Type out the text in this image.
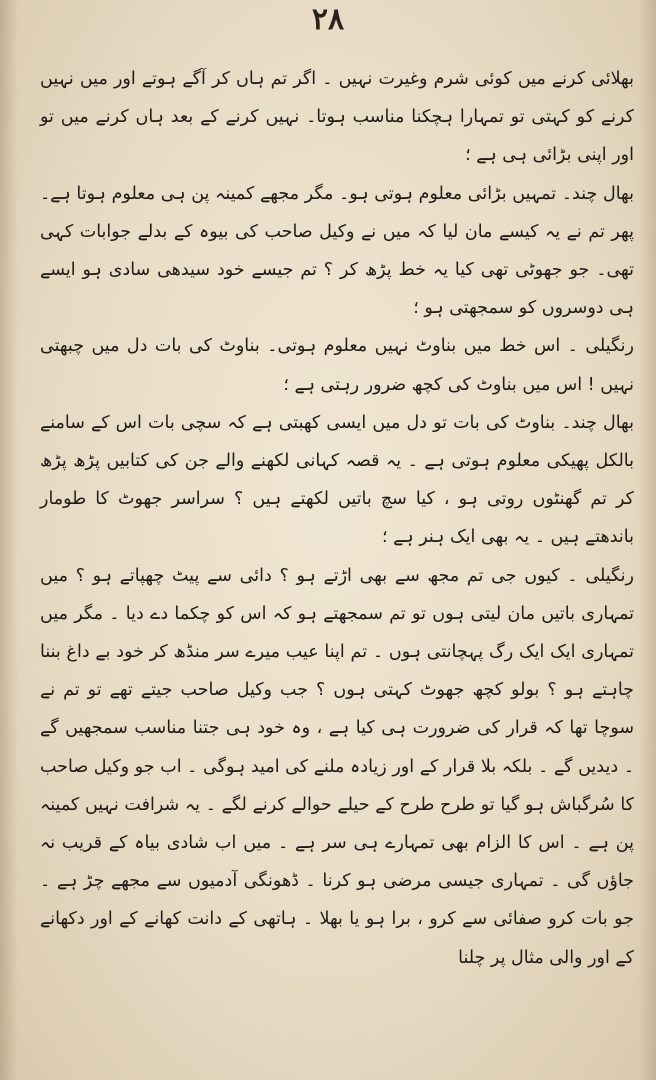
۲۸

بھلائی کرنے میں کوئی شرم وغیرت نہیں ۔ اگر تم ہاں کر آگے ہوتے اور میں نہیں کرنے کو کہتی تو تمہارا ہچکنا مناسب ہوتا۔ نہیں کرنے کے بعد ہاں کرنے میں تو اور اپنی بڑائی ہی ہے ؛

بھال چند۔ تمہیں بڑائی معلوم ہوتی ہو۔ مگر مجھے کمینہ پن ہی معلوم ہوتا ہے۔ پھر تم نے یہ کیسے مان لیا کہ میں نے وکیل صاحب کی بیوہ کے بدلے جوابات کہی تھی۔ جو جھوٹی تھی کیا یہ خط پڑھ کر ؟ تم جیسے خود سیدھی سادی ہو ایسے ہی دوسروں کو سمجھتی ہو ؛

رنگیلی ۔ اس خط میں بناوٹ نہیں معلوم ہوتی۔ بناوٹ کی بات دل میں چبھتی نہیں ! اس میں بناوٹ کی کچھ ضرور رہتی ہے ؛

بھال چند۔ بناوٹ کی بات تو دل میں ایسی کھبتی ہے کہ سچی بات اس کے سامنے بالکل پھیکی معلوم ہوتی ہے ۔ یہ قصہ کہانی لکھنے والے جن کی کتابیں پڑھ پڑھ کر تم گھنٹوں روتی ہو ، کیا سچ باتیں لکھتے ہیں ؟ سراسر جھوٹ کا طومار باندھتے ہیں ۔ یہ بھی ایک ہنر ہے ؛

رنگیلی ۔ کیوں جی تم مجھ سے بھی اڑتے ہو ؟ دائی سے پیٹ چھپاتے ہو ؟ میں تمہاری باتیں مان لیتی ہوں تو تم سمجھتے ہو کہ اس کو چکما دے دیا ۔ مگر میں تمہاری ایک ایک رگ پہچانتی ہوں ۔ تم اپنا عیب میرے سر منڈھ کر خود بے داغ بننا چاہتے ہو ؟ بولو کچھ جھوٹ کہتی ہوں ؟ جب وکیل صاحب جیتے تھے تو تم نے سوچا تھا کہ قرار کی ضرورت ہی کیا ہے ، وہ خود ہی جتنا مناسب سمجھیں گے ۔ دیدیں گے ۔ بلکہ بلا قرار کے اور زیادہ ملنے کی امید ہوگی ۔ اب جو وکیل صاحب کا سُرگباش ہو گیا تو طرح طرح کے حیلے حوالے کرنے لگے ۔ یہ شرافت نہیں کمینہ پن ہے ۔ اس کا الزام بھی تمہارے ہی سر ہے ۔ میں اب شادی بیاہ کے قریب نہ جاؤں گی ۔ تمہاری جیسی مرضی ہو کرنا ۔ ڈھونگی آدمیوں سے مجھے چڑ ہے ۔ جو بات کرو صفائی سے کرو ، برا ہو یا بھلا ۔ ہاتھی کے دانت کھانے کے اور دکھانے کے اور والی مثال پر چلنا
